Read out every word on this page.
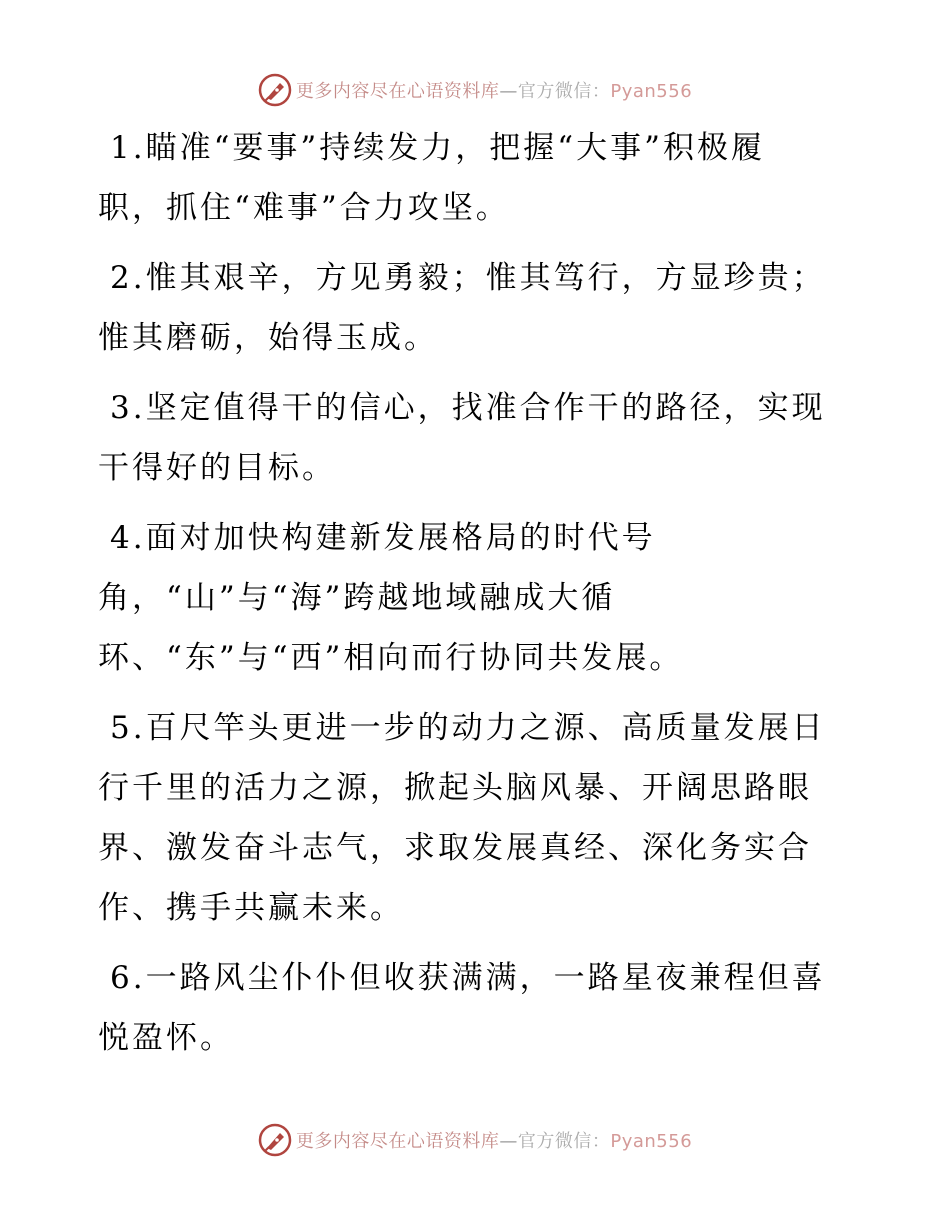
更多内容尽在心语资料库—官方微信：Pyan556
1.瞄准“要事”持续发力，把握“大事”积极履
职，抓住“难事”合力攻坚。
2.惟其艰辛，方见勇毅；惟其笃行，方显珍贵；
惟其磨砺，始得玉成。
3.坚定值得干的信心，找准合作干的路径，实现
干得好的目标。
4.面对加快构建新发展格局的时代号
角，“山”与“海”跨越地域融成大循
环、“东”与“西”相向而行协同共发展。
5.百尺竿头更进一步的动力之源、高质量发展日
行千里的活力之源，掀起头脑风暴、开阔思路眼
界、激发奋斗志气，求取发展真经、深化务实合
作、携手共赢未来。
6.一路风尘仆仆但收获满满，一路星夜兼程但喜
悦盈怀。
更多内容尽在心语资料库—官方微信：Pyan556
